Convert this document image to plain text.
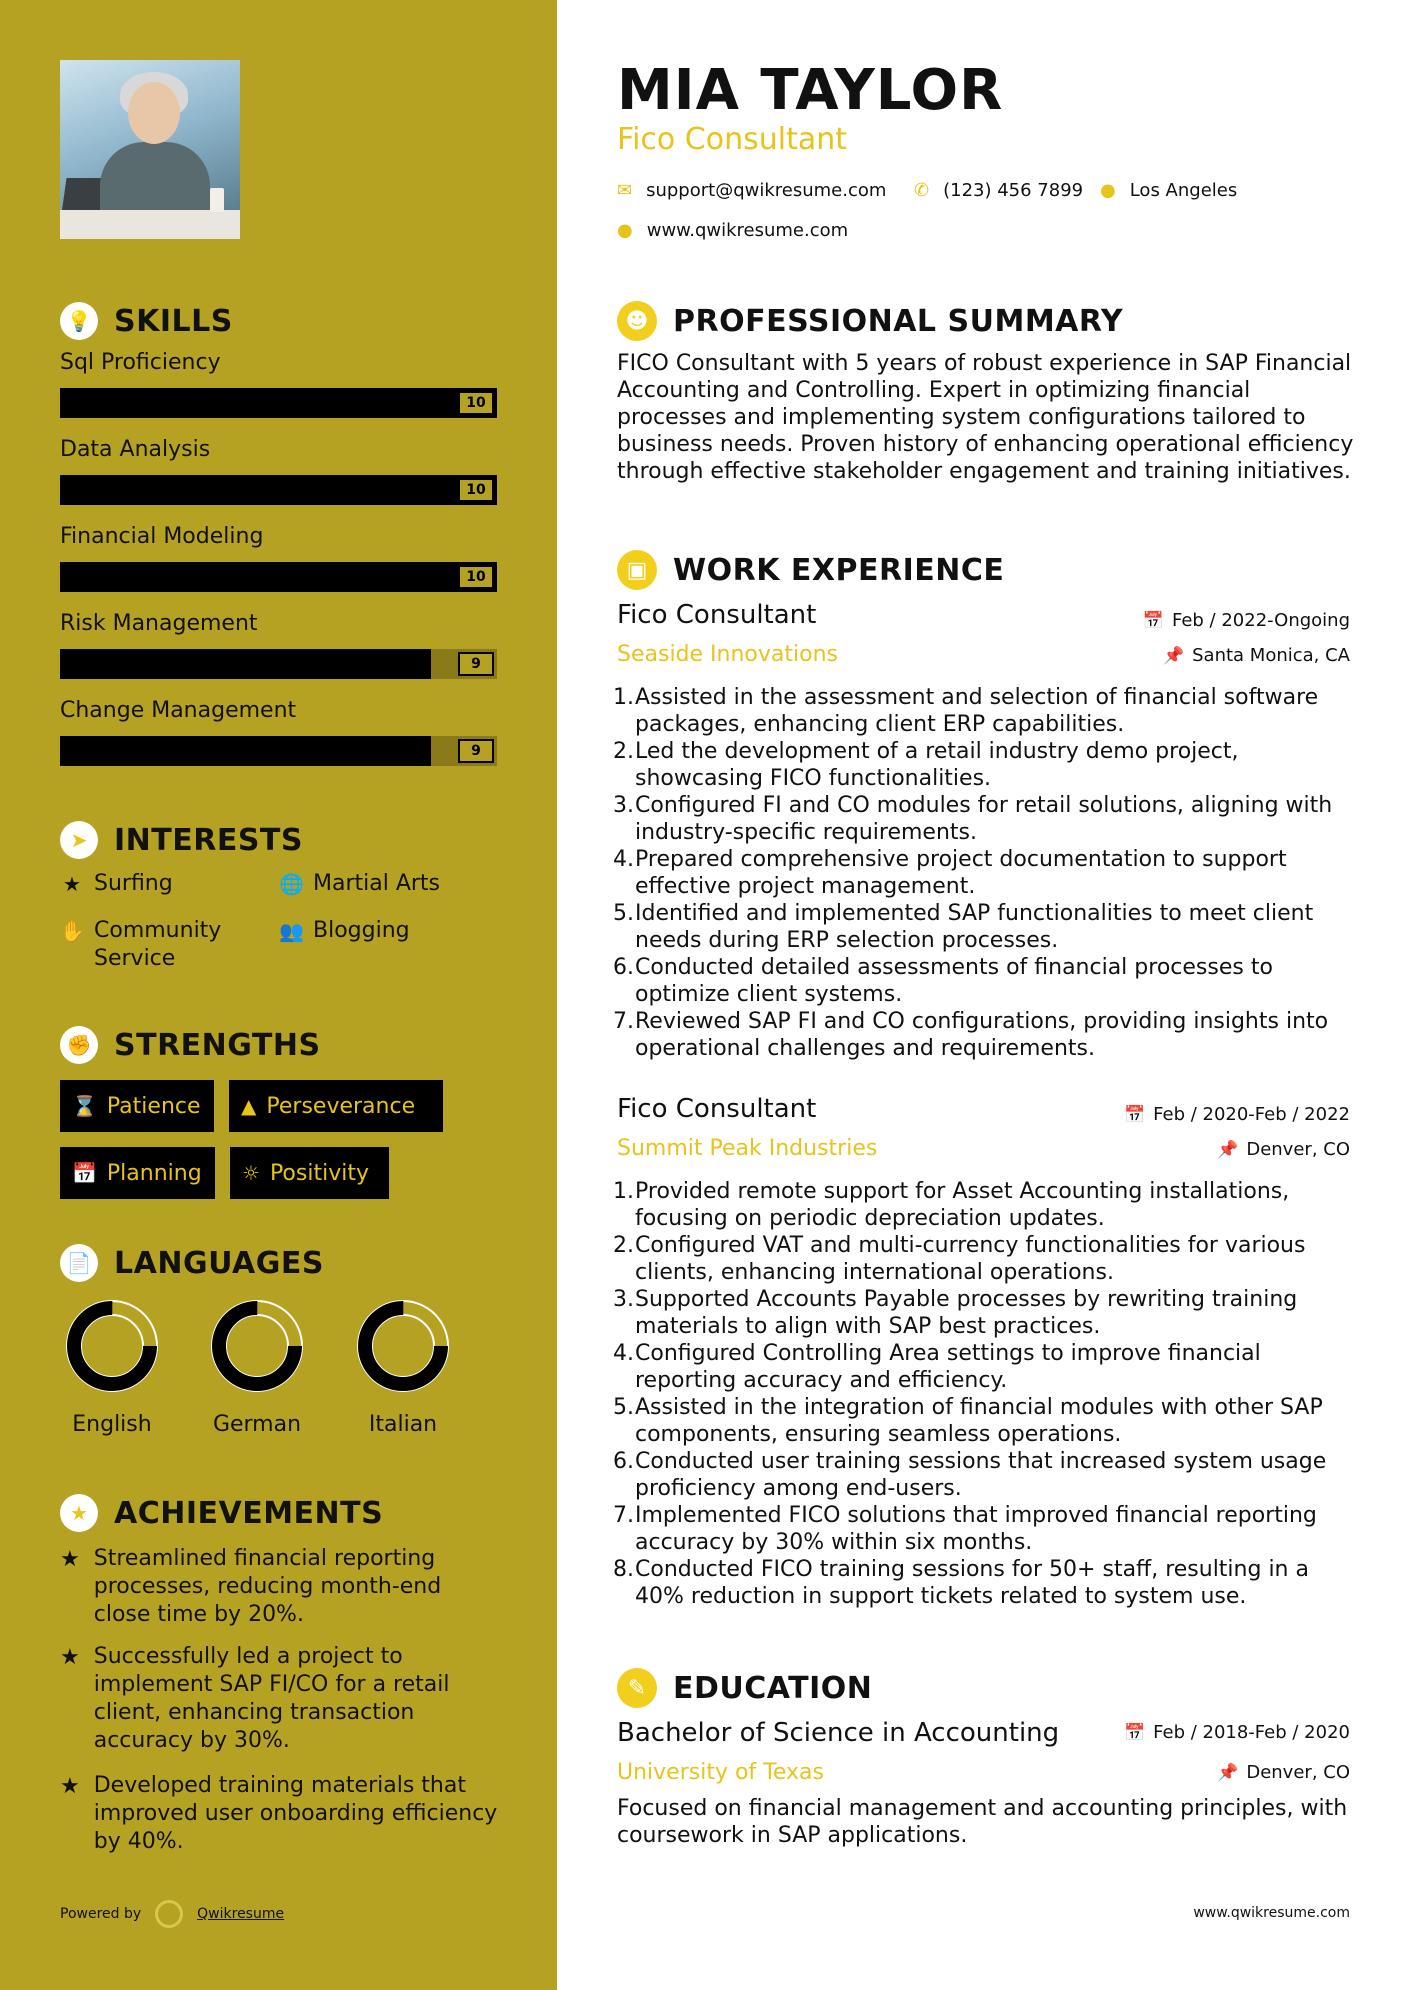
💡 SKILLS
Sql Proficiency
10
Data Analysis
10
Financial Modeling
10
Risk Management
9
Change Management
9
➤ INTERESTS
★ Surfing	🌐 Martial Arts
✋ Community Service
👥 Blogging
✊ STRENGTHS
⌛ Patience ▲ Perseverance
📅 Planning ☼ Positivity
📄 LANGUAGES
English	German	Italian
★ ACHIEVEMENTS
★ Streamlined financial reporting processes, reducing month-end close time by 20%.
★ Successfully led a project to implement SAP FI/CO for a retail client, enhancing transaction accuracy by 30%.
★ Developed training materials that improved user onboarding efficiency by 40%.
Powered by	Qwikresume
MIA TAYLOR
Fico Consultant
✉ support@qwikresume.com ✆ (123) 456 7899 ● Los Angeles
● www.qwikresume.com
☻ PROFESSIONAL SUMMARY
FICO Consultant with 5 years of robust experience in SAP Financial Accounting and Controlling. Expert in optimizing financial processes and implementing system configurations tailored to business needs. Proven history of enhancing operational efficiency through effective stakeholder engagement and training initiatives.
▣ WORK EXPERIENCE
Fico Consultant	📅 Feb / 2022-Ongoing
Seaside Innovations	📌 Santa Monica, CA
Assisted in the assessment and selection of financial software packages, enhancing client ERP capabilities.
Led the development of a retail industry demo project, showcasing FICO functionalities.
Configured FI and CO modules for retail solutions, aligning with industry-specific requirements.
Prepared comprehensive project documentation to support effective project management.
Identified and implemented SAP functionalities to meet client needs during ERP selection processes.
Conducted detailed assessments of financial processes to optimize client systems.
Reviewed SAP FI and CO configurations, providing insights into operational challenges and requirements.
Fico Consultant	📅 Feb / 2020-Feb / 2022
Summit Peak Industries	📌 Denver, CO
Provided remote support for Asset Accounting installations, focusing on periodic depreciation updates.
Configured VAT and multi-currency functionalities for various clients, enhancing international operations.
Supported Accounts Payable processes by rewriting training materials to align with SAP best practices.
Configured Controlling Area settings to improve financial reporting accuracy and efficiency.
Assisted in the integration of financial modules with other SAP components, ensuring seamless operations.
Conducted user training sessions that increased system usage proficiency among end-users.
Implemented FICO solutions that improved financial reporting accuracy by 30% within six months.
Conducted FICO training sessions for 50+ staff, resulting in a 40% reduction in support tickets related to system use.
✎ EDUCATION
Bachelor of Science in Accounting	📅 Feb / 2018-Feb / 2020
University of Texas	📌 Denver, CO
Focused on financial management and accounting principles, with coursework in SAP applications.
www.qwikresume.com
